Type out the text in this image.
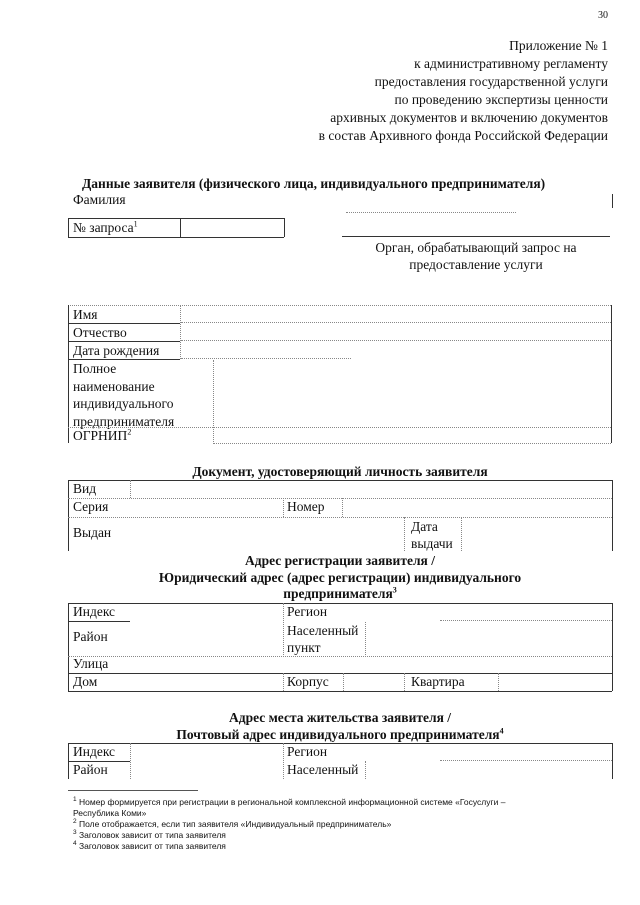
30
Приложение № 1
к административному регламенту
предоставления государственной услуги
по проведению экспертизы ценности
архивных документов и включению документов
в состав Архивного фонда Российской Федерации
Данные заявителя (физического лица, индивидуального предпринимателя)
Фамилия
№ запроса$^1$
Орган, обрабатывающий запрос на
предоставление услуги
Имя
Отчество
Дата рождения
Полное
наименование
индивидуального
предпринимателя
ОГРНИП$^2$
Документ, удостоверяющий личность заявителя
Вид
Серия	Номер
Выдан	Дата
выдачи
Адрес регистрации заявителя /
Юридический адрес (адрес регистрации) индивидуального
предпринимателя$^3$
Индекс	Регион
Район	Населенный
пункт
Улица
Дом	Корпус	Квартира
Адрес места жительства заявителя /
Почтовый адрес индивидуального предпринимателя$^4$
Индекс	Регион
Район	Населенный
$^1$ Номер формируется при регистрации в региональной комплексной информационной системе «Госуслуги –
Республика Коми»
$^2$ Поле отображается, если тип заявителя «Индивидуальный предприниматель»
$^3$ Заголовок зависит от типа заявителя
$^4$ Заголовок зависит от типа заявителя
